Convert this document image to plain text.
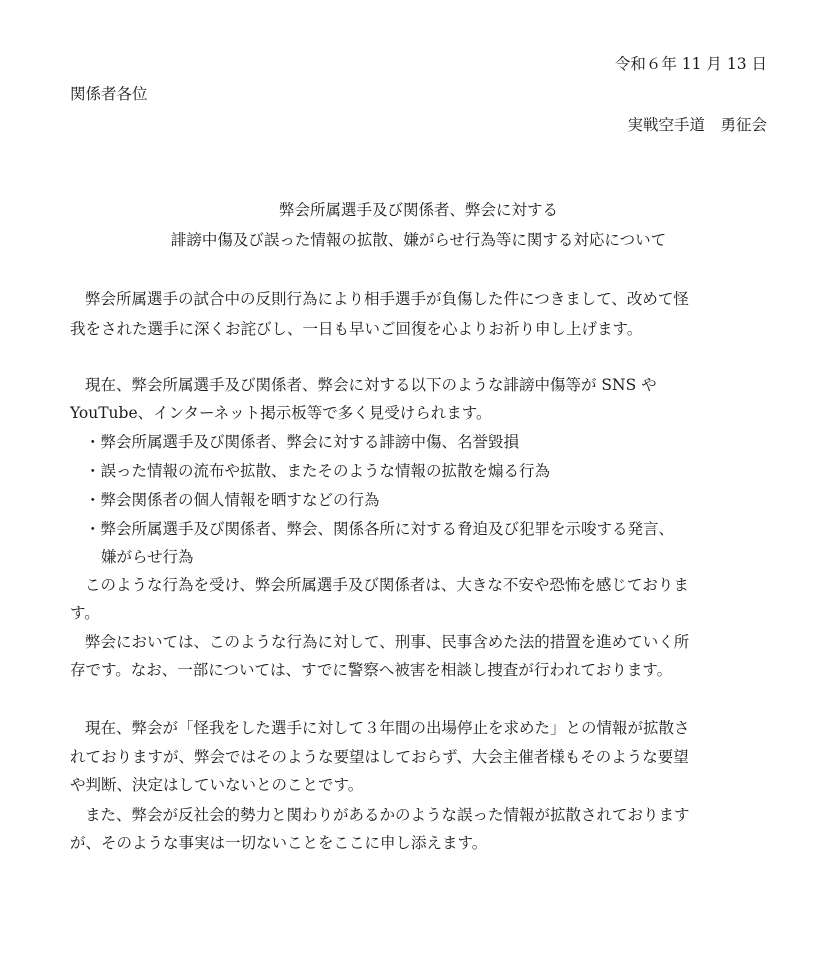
令和６年 11 月 13 日
関係者各位
実戦空手道　勇征会
弊会所属選手及び関係者、弊会に対する
誹謗中傷及び誤った情報の拡散、嫌がらせ行為等に関する対応について
弊会所属選手の試合中の反則行為により相手選手が負傷した件につきまして、改めて怪
我をされた選手に深くお詫びし、一日も早いご回復を心よりお祈り申し上げます。
現在、弊会所属選手及び関係者、弊会に対する以下のような誹謗中傷等が SNS や
YouTube、インターネット掲示板等で多く見受けられます。
・弊会所属選手及び関係者、弊会に対する誹謗中傷、名誉毀損
・誤った情報の流布や拡散、またそのような情報の拡散を煽る行為
・弊会関係者の個人情報を晒すなどの行為
・弊会所属選手及び関係者、弊会、関係各所に対する脅迫及び犯罪を示唆する発言、
嫌がらせ行為
このような行為を受け、弊会所属選手及び関係者は、大きな不安や恐怖を感じておりま
す。
弊会においては、このような行為に対して、刑事、民事含めた法的措置を進めていく所
存です。なお、一部については、すでに警察へ被害を相談し捜査が行われております。
現在、弊会が「怪我をした選手に対して３年間の出場停止を求めた」との情報が拡散さ
れておりますが、弊会ではそのような要望はしておらず、大会主催者様もそのような要望
や判断、決定はしていないとのことです。
また、弊会が反社会的勢力と関わりがあるかのような誤った情報が拡散されております
が、そのような事実は一切ないことをここに申し添えます。
